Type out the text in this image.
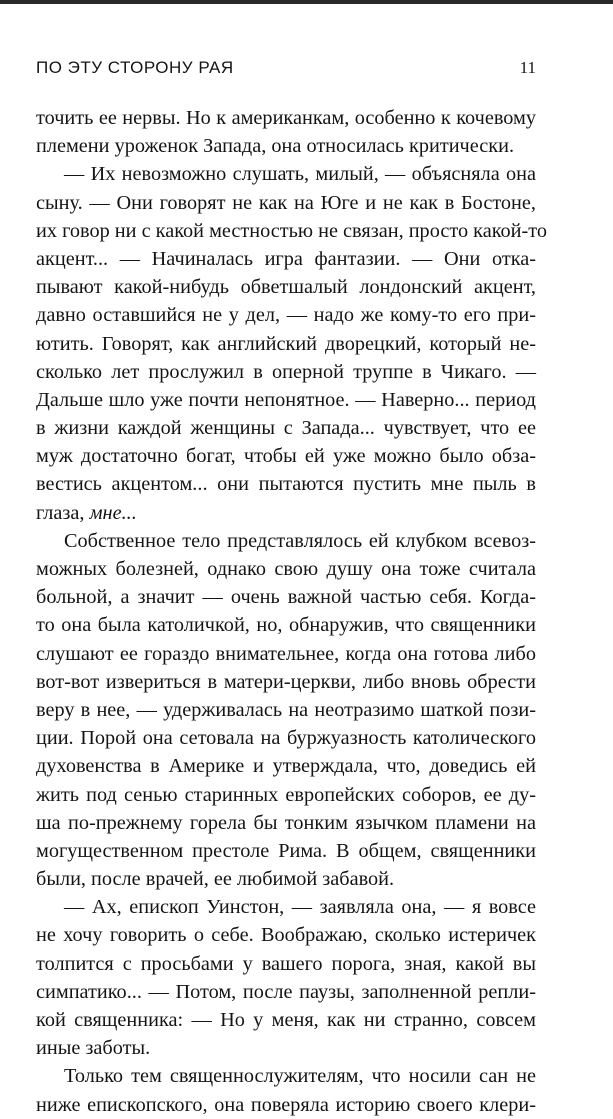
ПО ЭТУ СТОРОНУ РАЯ	11
точить ее нервы. Но к американкам, особенно к кочевому
племени уроженок Запада, она относилась критически.
— Их невозможно слушать, милый, — объясняла она
сыну. — Они говорят не как на Юге и не как в Бостоне,
их говор ни с какой местностью не связан, просто какой-то
акцент... — Начиналась игра фантазии. — Они отка-
пывают какой-нибудь обветшалый лондонский акцент,
давно оставшийся не у дел, — надо же кому-то его при-
ютить. Говорят, как английский дворецкий, который не-
сколько лет прослужил в оперной труппе в Чикаго. —
Дальше шло уже почти непонятное. — Наверно... период
в жизни каждой женщины с Запада... чувствует, что ее
муж достаточно богат, чтобы ей уже можно было обза-
вестись акцентом... они пытаются пустить мне пыль в
глаза, мне...
Собственное тело представлялось ей клубком всевоз-
можных болезней, однако свою душу она тоже считала
больной, а значит — очень важной частью себя. Когда-
то она была католичкой, но, обнаружив, что священники
слушают ее гораздо внимательнее, когда она готова либо
вот-вот извериться в матери-церкви, либо вновь обрести
веру в нее, — удерживалась на неотразимо шаткой пози-
ции. Порой она сетовала на буржуазность католического
духовенства в Америке и утверждала, что, доведись ей
жить под сенью старинных европейских соборов, ее ду-
ша по-прежнему горела бы тонким язычком пламени на
могущественном престоле Рима. В общем, священники
были, после врачей, ее любимой забавой.
— Ах, епископ Уинстон, — заявляла она, — я вовсе
не хочу говорить о себе. Воображаю, сколько истеричек
толпится с просьбами у вашего порога, зная, какой вы
симпатико... — Потом, после паузы, заполненной репли-
кой священника: — Но у меня, как ни странно, совсем
иные заботы.
Только тем священнослужителям, что носили сан не
ниже епископского, она поверяла историю своего клери-
